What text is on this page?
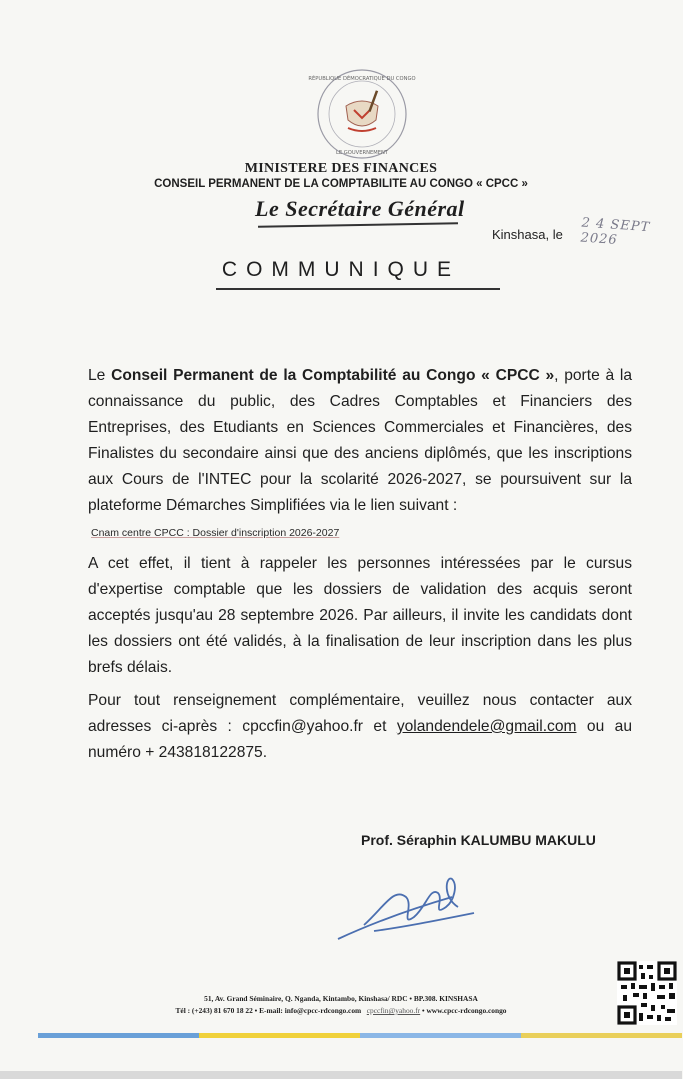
RÉPUBLIQUE DÉMOCRATIQUE DU CONGO
LE GOUVERNEMENT
MINISTERE DES FINANCES
CONSEIL PERMANENT DE LA COMPTABILITE AU CONGO « CPCC »
Le Secrétaire Général
Kinshasa, le 2 4 SEPT 2026
COMMUNIQUE
Le Conseil Permanent de la Comptabilité au Congo « CPCC », porte à la connaissance du public, des Cadres Comptables et Financiers des Entreprises, des Etudiants en Sciences Commerciales et Financières, des Finalistes du secondaire ainsi que des anciens diplômés, que les inscriptions aux Cours de l'INTEC pour la scolarité 2026-2027, se poursuivent sur la plateforme Démarches Simplifiées via le lien suivant :
Cnam centre CPCC : Dossier d'inscription 2026-2027
A cet effet, il tient à rappeler les personnes intéressées par le cursus d'expertise comptable que les dossiers de validation des acquis seront acceptés jusqu'au 28 septembre 2026. Par ailleurs, il invite les candidats dont les dossiers ont été validés, à la finalisation de leur inscription dans les plus brefs délais.
Pour tout renseignement complémentaire, veuillez nous contacter aux adresses ci-après : cpccfin@yahoo.fr et yolandendele@gmail.com ou au numéro + 243818122875.
Prof. Séraphin KALUMBU MAKULU
51, Av. Grand Séminaire, Q. Nganda, Kintambo, Kinshasa/ RDC • BP.308. KINSHASA
Tél : (+243) 81 670 18 22 • E-mail: info@cpcc-rdcongo.com cpccfin@yahoo.fr • www.cpcc-rdcongo.congo
